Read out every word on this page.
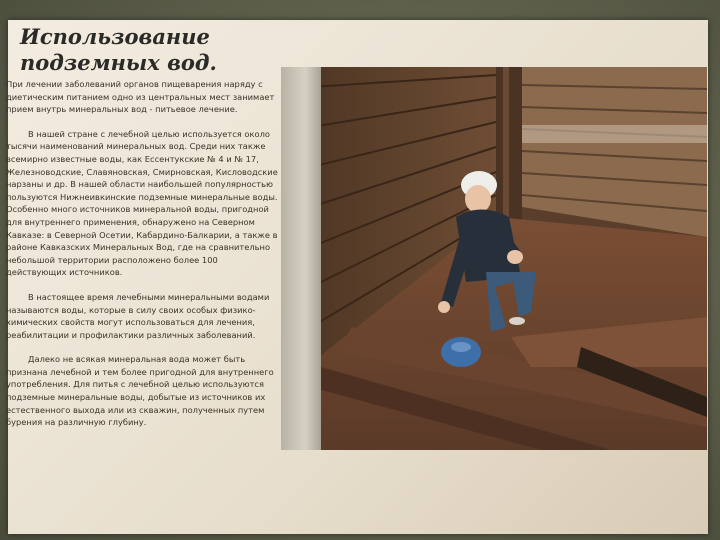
Использование
подземных вод.

При лечении заболеваний органов пищеварения наряду с диетическим питанием одно из центральных мест занимает прием внутрь минеральных вод - питьевое лечение.

В нашей стране с лечебной целью используется около тысячи наименований минеральных вод. Среди них также всемирно известные воды, как Ессентукские № 4 и № 17, Железноводские, Славяновская, Смирновская, Кисловодские нарзаны и др. В нашей области наибольшей популярностью пользуются Нижнеивкинские подземные минеральные воды. Особенно много источников минеральной воды, пригодной для внутреннего применения, обнаружено на Северном Кавказе: в Северной Осетии, Кабардино-Балкарии, а также в районе Кавказских Минеральных Вод, где на сравнительно небольшой территории расположено более 100 действующих источников.

В настоящее время лечебными минеральными водами называются воды, которые в силу своих особых физико-химических свойств могут использоваться для лечения, реабилитации и профилактики различных заболеваний.

Далеко не всякая минеральная вода может быть признана лечебной и тем более пригодной для внутреннего употребления. Для питья с лечебной целью используются подземные минеральные воды, добытые из источников их естественного выхода или из скважин, полученных путем бурения на различную глубину.
